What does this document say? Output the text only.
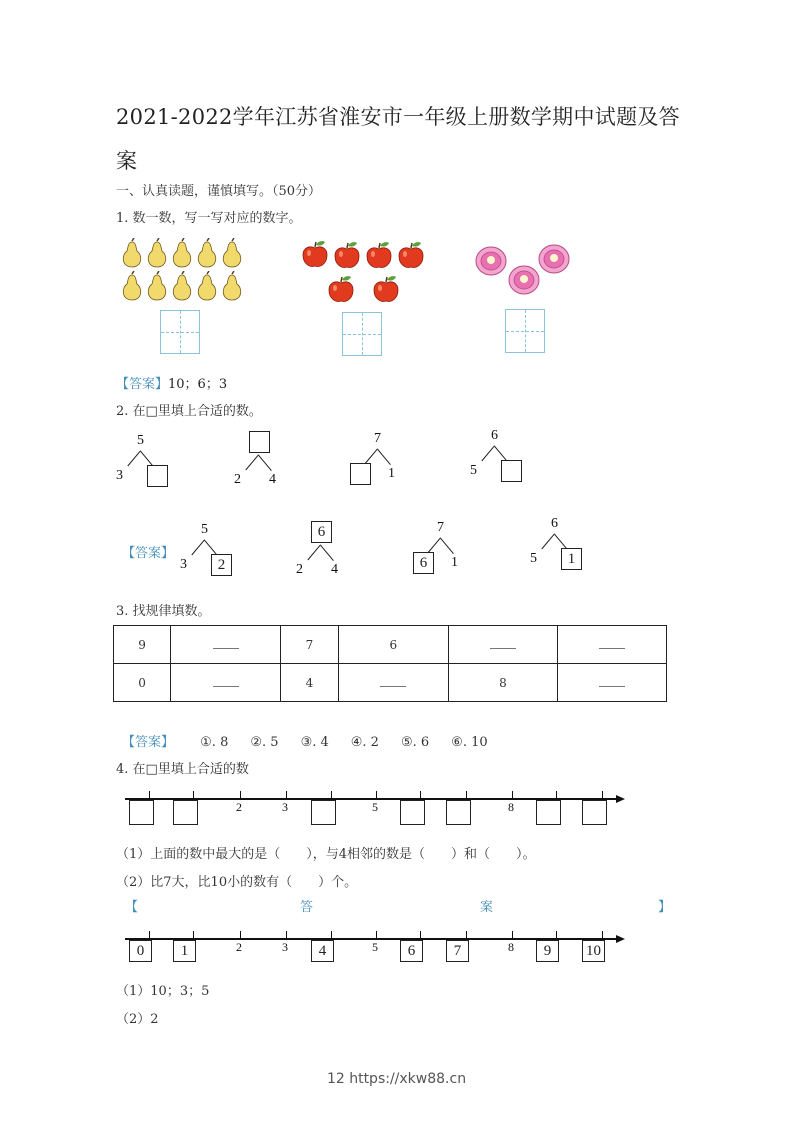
2021-2022学年江苏省淮安市一年级上册数学期中试题及答案
一、认真读题，谨慎填写。（50分）
1. 数一数，写一写对应的数字。
【答案】10；6；3
2. 在□里填上合适的数。
5
3	2 4
7
1
6
5
【答案】
5
3	2
6
2 4
7
6	1
6
5	1
3. 找规律填数。
9		7	6		
0		4		8	
【答案】 ①. 8 ②. 5 ③. 4 ④. 2 ⑤. 6 ⑥. 10
4. 在□里填上合适的数
2	3	5	8
（1）上面的数中最大的是（　　），与4相邻的数是（　　）和（　　）。
（2）比7大，比10小的数有（　　）个。
【	答	案	】
0	1	2	3	4	5	6	7	8	9	10
（1）10；3；5
（2）2
12 https://xkw88.cn
